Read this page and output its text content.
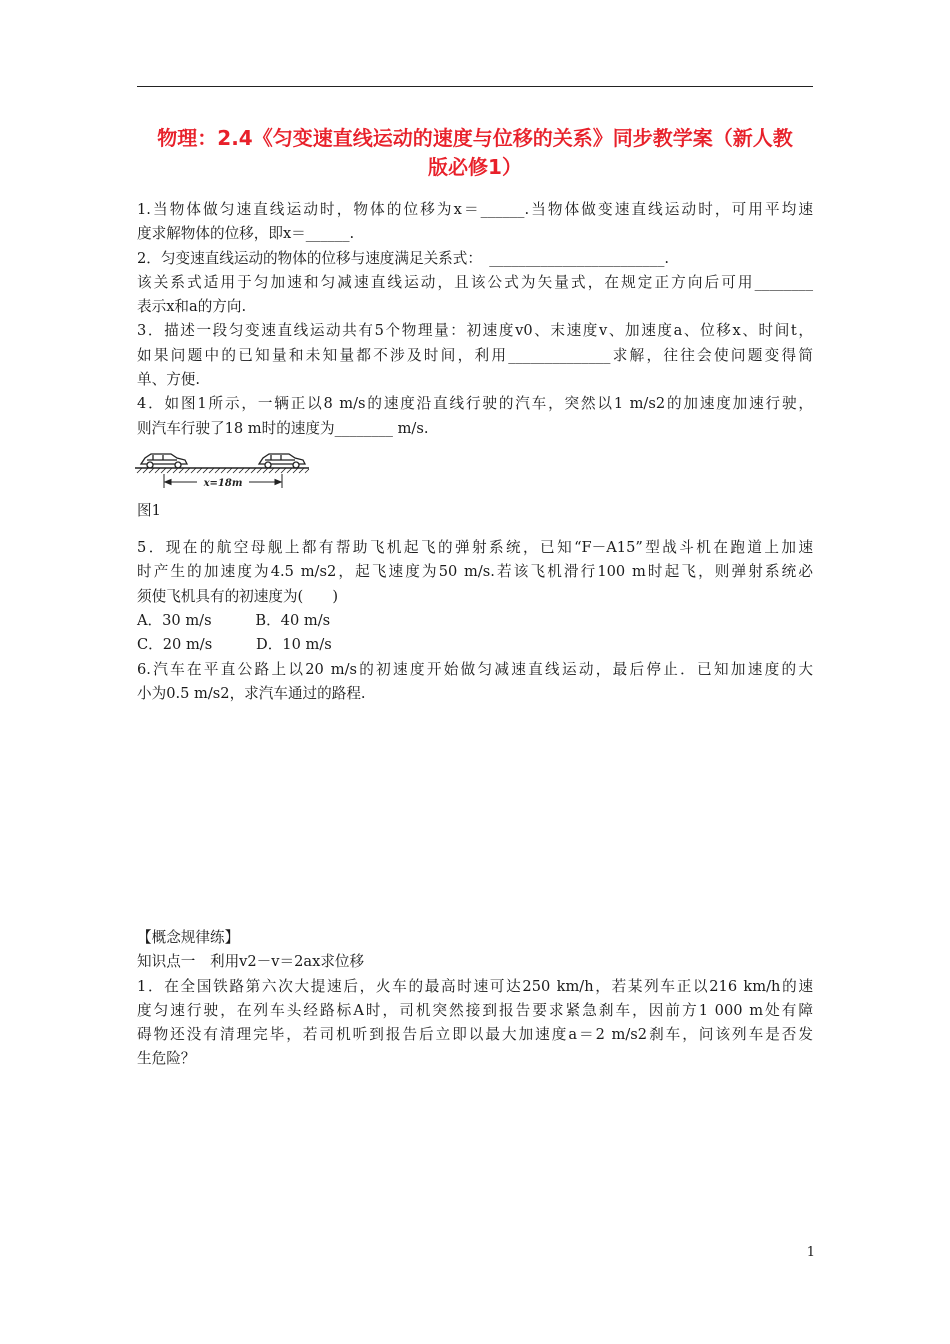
物理：2.4《匀变速直线运动的速度与位移的关系》同步教学案（新人教
版必修1）
1.当物体做匀速直线运动时，物体的位移为x＝______.当物体做变速直线运动时，可用平均速
度求解物体的位移，即x＝______.
2．匀变速直线运动的物体的位移与速度满足关系式：　________________________.
该关系式适用于匀加速和匀减速直线运动，且该公式为矢量式，在规定正方向后可用________
表示x和a的方向.
3．描述一段匀变速直线运动共有5个物理量：初速度v0、末速度v、加速度a、位移x、时间t，
如果问题中的已知量和未知量都不涉及时间，利用______________求解，往往会使问题变得简
单、方便.
4．如图1所示，一辆正以8 m/s的速度沿直线行驶的汽车，突然以1 m/s2的加速度加速行驶，
则汽车行驶了18 m时的速度为________ m/s.
x=18m
图1
5．现在的航空母舰上都有帮助飞机起飞的弹射系统，已知“F－A15”型战斗机在跑道上加速
时产生的加速度为4.5 m/s2，起飞速度为50 m/s.若该飞机滑行100 m时起飞，则弹射系统必
须使飞机具有的初速度为(　　)
A．30 m/s　　　B．40 m/s
C．20 m/s　　　D．10 m/s
6.汽车在平直公路上以20 m/s的初速度开始做匀减速直线运动，最后停止．已知加速度的大
小为0.5 m/s2，求汽车通过的路程.
【概念规律练】
知识点一　利用v2－v＝2ax求位移
1．在全国铁路第六次大提速后，火车的最高时速可达250 km/h，若某列车正以216 km/h的速
度匀速行驶，在列车头经路标A时，司机突然接到报告要求紧急刹车，因前方1 000 m处有障
碍物还没有清理完毕，若司机听到报告后立即以最大加速度a＝2 m/s2刹车，问该列车是否发
生危险？
1
